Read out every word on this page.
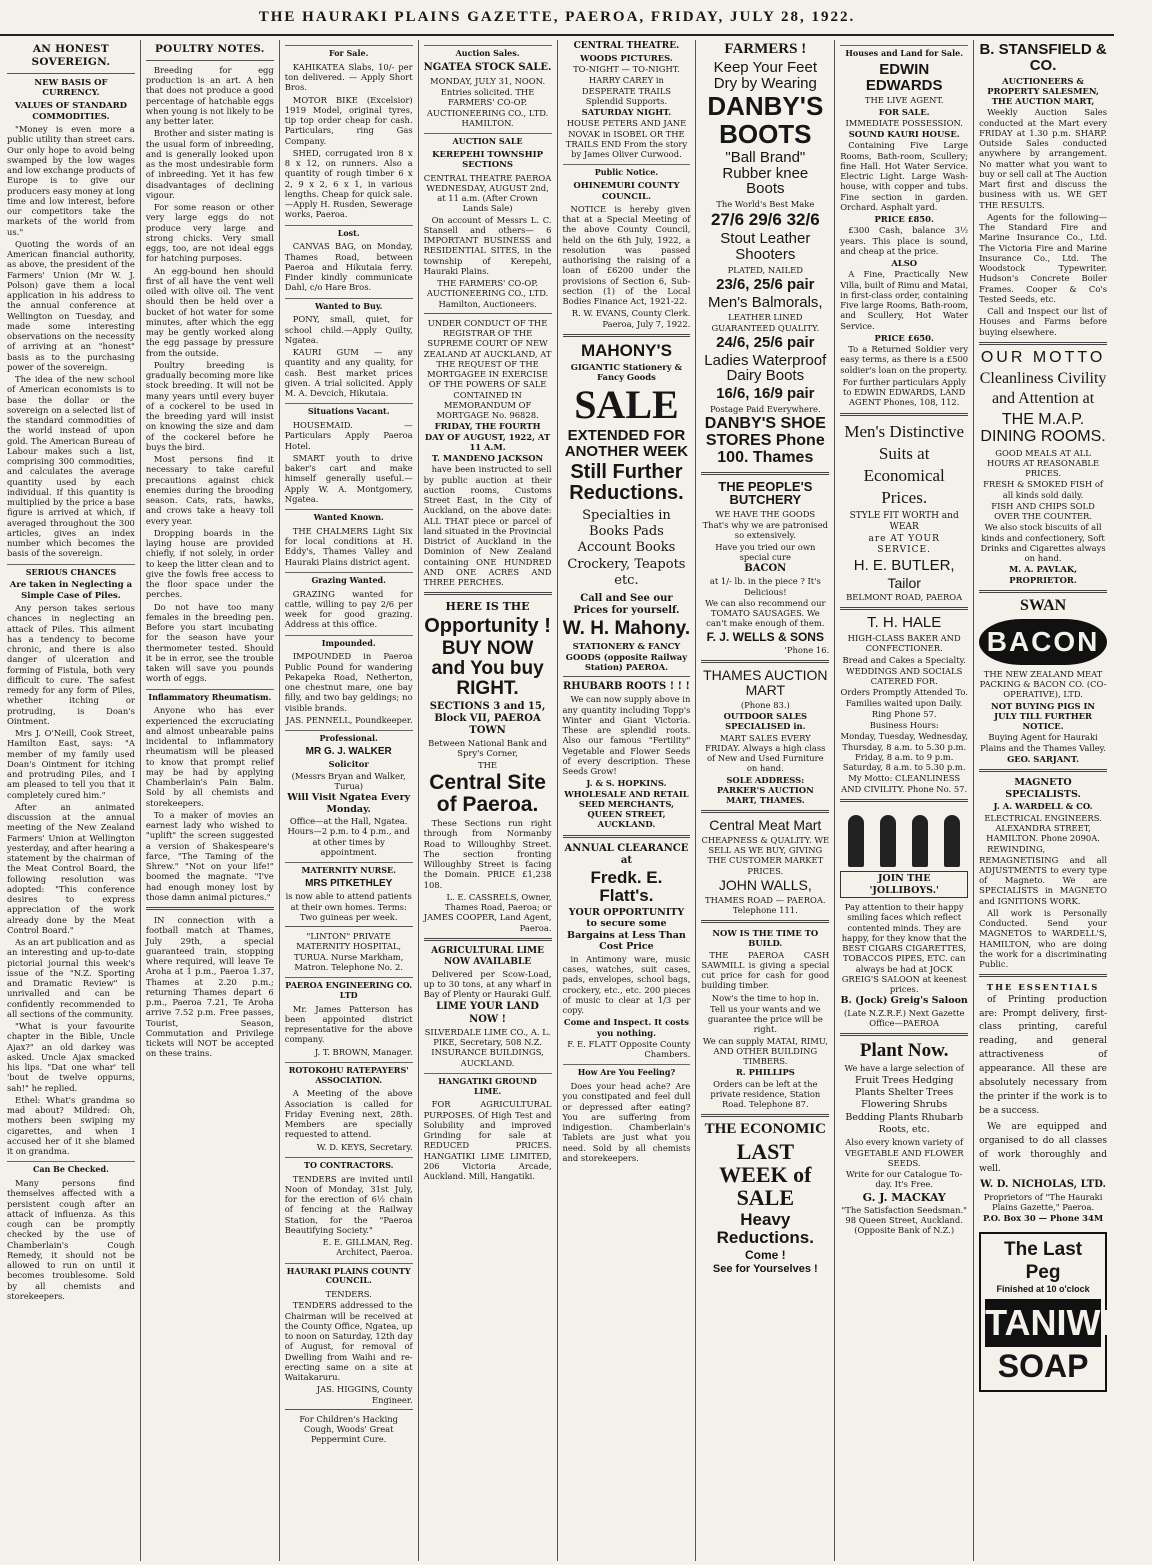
THE HAURAKI PLAINS GAZETTE, PAEROA, FRIDAY, JULY 28, 1922.
AN HONEST SOVEREIGN.
NEW BASIS OF CURRENCY.
VALUES OF STANDARD COMMODITIES.

"Money is even more a public utility than street cars. Our only hope to avoid being swamped by the low wages and low exchange products of Europe is to give our producers easy money at long time and low interest, before our competitors take the markets of the world from us."

Quoting the words of an American financial authority, as above, the president of the Farmers' Union (Mr W. J. Polson) gave them a local application in his address to the annual conference at Wellington on Tuesday, and made some interesting observations on the necessity of arriving at an "honest" basis as to the purchasing power of the sovereign.

The idea of the new school of American economists is to base the dollar or the sovereign on a selected list of the standard commodities of the world instead of upon gold. The American Bureau of Labour makes such a list, comprising 300 commodities, and calculates the average quantity used by each individual. If this quantity is multiplied by the price a base figure is arrived at which, if averaged throughout the 300 articles, gives an index number which becomes the basis of the sovereign.

SERIOUS CHANCES
Are taken in Neglecting a Simple Case of Piles.

Any person takes serious chances in neglecting an attack of Piles. This ailment has a tendency to become chronic, and there is also danger of ulceration and forming of Fistula, both very difficult to cure. The safest remedy for any form of Piles, whether itching or protruding, is Doan's Ointment.

Mrs J. O'Neill, Cook Street, Hamilton East, says: "A member of my family used Doan's Ointment for itching and protruding Piles, and I am pleased to tell you that it completely cured him."

After an animated discussion at the annual meeting of the New Zealand Farmers' Union at Wellington yesterday, and after hearing a statement by the chairman of the Meat Control Board, the following resolution was adopted: "This conference desires to express appreciation of the work already done by the Meat Control Board."

As an art publication and as an interesting and up-to-date pictorial journal this week's issue of the "N.Z. Sporting and Dramatic Review" is unrivalled and can be confidently recommended to all sections of the community.

"What is your favourite chapter in the Bible, Uncle Ajax?" an old darkey was asked. Uncle Ajax smacked his lips. "Dat one whar' tell 'bout de twelve oppurns, sah!" he replied.

Ethel: What's grandma so mad about? Mildred: Oh, mothers been swiping my cigarettes, and when I accused her of it she blamed it on grandma.

Can Be Checked.

Many persons find themselves affected with a persistent cough after an attack of influenza. As this cough can be promptly checked by the use of Chamberlain's Cough Remedy, it should not be allowed to run on until it becomes troublesome. Sold by all chemists and storekeepers.

POULTRY NOTES.

Breeding for egg production is an art. A hen that does not produce a good percentage of hatchable eggs when young is not likely to be any better later.

Brother and sister mating is the usual form of inbreeding, and is generally looked upon as the most undesirable form of inbreeding. Yet it has few disadvantages of declining vigour.

For some reason or other very large eggs do not produce very large and strong chicks. Very small eggs, too, are not ideal eggs for hatching purposes.

An egg-bound hen should first of all have the vent well oiled with olive oil. The vent should then be held over a bucket of hot water for some minutes, after which the egg may be gently worked along the egg passage by pressure from the outside.

Poultry breeding is gradually becoming more like stock breeding. It will not be many years until every buyer of a cockerel to be used in the breeding yard will insist on knowing the size and dam of the cockerel before he buys the bird.

Most persons find it necessary to take careful precautions against chick enemies during the brooding season. Cats, rats, hawks, and crows take a heavy toll every year.

Dropping boards in the laying house are provided chiefly, if not solely, in order to keep the litter clean and to give the fowls free access to the floor space under the perches.

Do not have too many females in the breeding pen. Before you start incubating for the season have your thermometer tested. Should it be in error, see the trouble taken will save you pounds worth of eggs.

Inflammatory Rheumatism.

Anyone who has ever experienced the excruciating and almost unbearable pains incidental to inflammatory rheumatism will be pleased to know that prompt relief may be had by applying Chamberlain's Pain Balm. Sold by all chemists and storekeepers.

To a maker of movies an earnest lady who wished to "uplift" the screen suggested a version of Shakespeare's farce, "The Taming of the Shrew." "Not on your life!" boomed the magnate. "I've had enough money lost by those damn animal pictures."

IN connection with a football match at Thames, July 29th, a special guaranteed train, stopping where required, will leave Te Aroha at 1 p.m., Paeroa 1.37, Thames at 2.20 p.m.; returning Thames depart 6 p.m., Paeroa 7.21, Te Aroha arrive 7.52 p.m. Free passes, Tourist, Season, Commutation and Privilege tickets will NOT be accepted on these trains.

For Sale.

KAHIKATEA Slabs, 10/- per ton delivered. — Apply Short Bros.

MOTOR BIKE (Excelsior) 1919 Model, original tyres, tip top order cheap for cash. Particulars, ring Gas Company.

SHED, corrugated iron 8 x 8 x 12, on runners. Also a quantity of rough timber 6 x 2, 9 x 2, 6 x 1, in various lengths. Cheap for quick sale.—Apply H. Rusden, Sewerage works, Paeroa.

Lost.

CANVAS BAG, on Monday, Thames Road, between Paeroa and Hikutaia ferry. Finder kindly communicate Dahl, c/o Hare Bros.

Wanted to Buy.

PONY, small, quiet, for school child.—Apply Quilty, Ngatea.

KAURI GUM — any quantity and any quality, for cash. Best market prices given. A trial solicited. Apply M. A. Devcich, Hikutaia.

Situations Vacant.

HOUSEMAID. — Particulars Apply Paeroa Hotel.

SMART youth to drive baker's cart and make himself generally useful.—Apply W. A. Montgomery, Ngatea.

Wanted Known.

THE CHALMERS Light Six for local conditions at H. Eddy's, Thames Valley and Hauraki Plains district agent.

Grazing Wanted.

GRAZING wanted for cattle, willing to pay 2/6 per week for good grazing. Address at this office.

Impounded.

IMPOUNDED in Paeroa Public Pound for wandering Pekapeka Road, Netherton, one chestnut mare, one bay filly, and two bay geldings; no visible brands.

JAS. PENNELL, Poundkeeper.

Professional.
MR G. J. WALKER
Solicitor
(Messrs Bryan and Walker, Turua)
Will Visit Ngatea Every Monday.

Office—at the Hall, Ngatea. Hours—2 p.m. to 4 p.m., and at other times by appointment.

MATERNITY NURSE.
MRS PITKETHLEY

is now able to attend patients at their own homes. Terms: Two guineas per week.

"LINTON" PRIVATE MATERNITY HOSPITAL, TURUA. Nurse Markham, Matron. Telephone No. 2.

PAEROA ENGINEERING CO. LTD

Mr. James Patterson has been appointed district representative for the above company.

J. T. BROWN, Manager.

ROTOKOHU RATEPAYERS' ASSOCIATION.

A Meeting of the above Association is called for Friday Evening next, 28th. Members are specially requested to attend.

W. D. KEYS, Secretary.

TO CONTRACTORS.

TENDERS are invited until Noon of Monday, 31st July, for the erection of 6½ chain of fencing at the Railway Station, for the "Paeroa Beautifying Society."

E. E. GILLMAN, Reg. Architect, Paeroa.

HAURAKI PLAINS COUNTY COUNCIL.
TENDERS.

TENDERS addressed to the Chairman will be received at the County Office, Ngatea, up to noon on Saturday, 12th day of August, for removal of Dwelling from Waihi and re-erecting same on a site at Waitakaruru.

JAS. HIGGINS, County Engineer.

For Children's Hacking Cough, Woods' Great Peppermint Cure.

Auction Sales.
NGATEA STOCK SALE.
MONDAY, JULY 31, NOON.

Entries solicited. THE FARMERS' CO-OP. AUCTIONEERING CO., LTD. HAMILTON.

AUCTION SALE
KEREPEHI TOWNSHIP SECTIONS

CENTRAL THEATRE PAEROA WEDNESDAY, AUGUST 2nd, at 11 a.m. (After Crown Lands Sale)

On account of Messrs L. C. Stansell and others— 6 IMPORTANT BUSINESS and RESIDENTIAL SITES, in the township of Kerepehi, Hauraki Plains.

THE FARMERS' CO-OP. AUCTIONEERING CO., LTD. Hamilton, Auctioneers.

UNDER CONDUCT OF THE REGISTRAR OF THE SUPREME COURT OF NEW ZEALAND AT AUCKLAND, AT THE REQUEST OF THE MORTGAGEE IN EXERCISE OF THE POWERS OF SALE CONTAINED IN MEMORANDUM OF MORTGAGE No. 96828.

FRIDAY, THE FOURTH DAY OF AUGUST, 1922, AT 11 A.M.
T. MANDENO JACKSON

have been instructed to sell by public auction at their auction rooms, Customs Street East, in the City of Auckland, on the above date: ALL THAT piece or parcel of land situated in the Provincial District of Auckland in the Dominion of New Zealand containing ONE HUNDRED AND ONE ACRES AND THREE PERCHES.

HERE IS THE
Opportunity !
BUY NOW and You buy RIGHT.
SECTIONS 3 and 15, Block VII, PAEROA TOWN
Between National Bank and Spry's Corner,
THE
Central Site of Paeroa.

These Sections run right through from Normanby Road to Willoughby Street. The section fronting Willoughby Street is facing the Domain. PRICE £1,238 108.

L. E. CASSRELS, Owner, Thames Road, Paeroa; or JAMES COOPER, Land Agent, Paeroa.

AGRICULTURAL LIME NOW AVAILABLE

Delivered per Scow-Load, up to 30 tons, at any wharf in Bay of Plenty or Hauraki Gulf.

LIME YOUR LAND NOW !

SILVERDALE LIME CO., A. L. PIKE, Secretary, 508 N.Z. INSURANCE BUILDINGS, AUCKLAND.

HANGATIKI GROUND LIME.

FOR AGRICULTURAL PURPOSES. Of High Test and Solubility and improved Grinding for sale at REDUCED PRICES. HANGATIKI LIME LIMITED, 206 Victoria Arcade, Auckland. Mill, Hangatiki.

CENTRAL THEATRE.
WOODS PICTURES.
TO-NIGHT — TO-NIGHT.

HARRY CAREY in DESPERATE TRAILS Splendid Supports.

SATURDAY NIGHT.

HOUSE PETERS AND JANE NOVAK in ISOBEL OR THE TRAILS END From the story by James Oliver Curwood.

Public Notice.
OHINEMURI COUNTY COUNCIL.

NOTICE is hereby given that at a Special Meeting of the above County Council, held on the 6th July, 1922, a resolution was passed authorising the raising of a loan of £6200 under the provisions of Section 6, Sub-section (1) of the Local Bodies Finance Act, 1921-22.

R. W. EVANS, County Clerk. Paeroa, July 7, 1922.

MAHONY'S
GIGANTIC Stationery & Fancy Goods
SALE
EXTENDED FOR ANOTHER WEEK
Still Further Reductions.
Specialties in Books Pads Account Books Crockery, Teapots etc.
Call and See our Prices for yourself.
W. H. Mahony.
STATIONERY & FANCY GOODS (opposite Railway Station) PAEROA.
RHUBARB ROOTS ! ! !

We can now supply above in any quantity including Topp's Winter and Giant Victoria. These are splendid roots. Also our famous "Fertility" Vegetable and Flower Seeds of every description. These Seeds Grow!

J. & S. HOPKINS. WHOLESALE AND RETAIL SEED MERCHANTS, QUEEN STREET, AUCKLAND.

ANNUAL CLEARANCE at
Fredk. E. Flatt's.
YOUR OPPORTUNITY to secure some Bargains at Less Than Cost Price

in Antimony ware, music cases, watches, suit cases, pads, envelopes, school bags, crockery, etc., etc. 200 pieces of music to clear at 1/3 per copy.

Come and Inspect. It costs you nothing.

F. E. FLATT Opposite County Chambers.

How Are You Feeling?

Does your head ache? Are you constipated and feel dull or depressed after eating? You are suffering from indigestion. Chamberlain's Tablets are just what you need. Sold by all chemists and storekeepers.

FARMERS !
Keep Your Feet Dry by Wearing
DANBY'S BOOTS
"Ball Brand" Rubber knee Boots
The World's Best Make
27/6 29/6 32/6
Stout Leather Shooters
PLATED, NAILED
23/6, 25/6 pair
Men's Balmorals,
LEATHER LINED GUARANTEED QUALITY.
24/6, 25/6 pair
Ladies Waterproof Dairy Boots
16/6, 16/9 pair
Postage Paid Everywhere.
DANBY'S SHOE STORES Phone 100. Thames
THE PEOPLE'S BUTCHERY
WE HAVE THE GOODS
That's why we are patronised so extensively.
Have you tried our own special cure
BACON
at 1/- lb. in the piece ? It's Delicious!
We can also recommend our TOMATO SAUSAGES. We can't make enough of them.
F. J. WELLS & SONS
'Phone 16.
THAMES AUCTION MART
(Phone 83.)
OUTDOOR SALES SPECIALISED in.
MART SALES EVERY FRIDAY. Always a high class of New and Used Furniture on hand.
SOLE ADDRESS: PARKER'S AUCTION MART, THAMES.
Central Meat Mart
CHEAPNESS & QUALITY. WE SELL AS WE BUY, GIVING THE CUSTOMER MARKET PRICES.
JOHN WALLS,
THAMES ROAD — PAEROA. Telephone 111.
NOW IS THE TIME TO BUILD.

THE PAEROA CASH SAWMILL is giving a special cut price for cash for good building timber.

Now's the time to hop in.
Tell us your wants and we guarantee the price will be right.
We can supply MATAI, RIMU, AND OTHER BUILDING TIMBERS.
R. PHILLIPS
Orders can be left at the private residence, Station Road. Telephone 87.
THE ECONOMIC
LAST WEEK of SALE
Heavy Reductions.
Come !
See for Yourselves !
Houses and Land for Sale.
EDWIN EDWARDS
THE LIVE AGENT.
FOR SALE.
IMMEDIATE POSSESSION.
SOUND KAURI HOUSE.

Containing Five Large Rooms, Bath-room, Scullery; fine Hall. Hot Water Service. Electric Light. Large Wash-house, with copper and tubs. Fine section in garden. Orchard. Asphalt yard.

PRICE £850.

£300 Cash, balance 3½ years. This place is sound, and cheap at the price.

ALSO

A Fine, Practically New Villa, built of Rimu and Matai, in first-class order, containing Five large Rooms, Bath-room, and Scullery, Hot Water Service.

PRICE £650.

To a Returned Soldier very easy terms, as there is a £500 soldier's loan on the property.

For further particulars Apply to EDWIN EDWARDS, LAND AGENT Phones, 108, 112.

Men's Distinctive Suits at Economical Prices.
STYLE FIT WORTH and WEAR
are AT YOUR SERVICE.
H. E. BUTLER,
Tailor
BELMONT ROAD, PAEROA
T. H. HALE
HIGH-CLASS BAKER AND CONFECTIONER.
Bread and Cakes a Specialty.
WEDDINGS AND SOCIALS CATERED FOR.
Orders Promptly Attended To. Families waited upon Daily.
Ring Phone 57.
Business Hours:
Monday, Tuesday, Wednesday, Thursday, 8 a.m. to 5.30 p.m. Friday, 8 a.m. to 9 p.m. Saturday, 8 a.m. to 5.30 p.m.
My Motto: CLEANLINESS AND CIVILITY. Phone No. 57.
JOIN THE 'JOLLIBOYS.'

Pay attention to their happy smiling faces which reflect contented minds. They are happy, for they know that the BEST CIGARS CIGARETTES, TOBACCOS PIPES, ETC. can always be had at JOCK GREIG'S SALOON at keenest prices.

B. (Jock) Greig's Saloon
(Late N.Z.R.F.) Next Gazette Office—PAEROA
Plant Now.
We have a large selection of
Fruit Trees Hedging Plants Shelter Trees Flowering Shrubs Bedding Plants Rhubarb Roots, etc.
Also every known variety of VEGETABLE AND FLOWER SEEDS.
Write for our Catalogue To-day. It's Free.
G. J. MACKAY
"The Satisfaction Seedsman." 98 Queen Street, Auckland. (Opposite Bank of N.Z.)
B. STANSFIELD & CO.
AUCTIONEERS & PROPERTY SALESMEN, THE AUCTION MART,

Weekly Auction Sales conducted at the Mart every FRIDAY at 1.30 p.m. SHARP. Outside Sales conducted anywhere by arrangement. No matter what you want to buy or sell call at The Auction Mart first and discuss the business with us. WE GET THE RESULTS.

Agents for the following— The Standard Fire and Marine Insurance Co., Ltd. The Victoria Fire and Marine Insurance Co., Ltd. The Woodstock Typewriter. Hudson's Concrete Boiler Frames. Cooper & Co's Tested Seeds, etc.

Call and Inspect our list of Houses and Farms before buying elsewhere.

OUR MOTTO
Cleanliness Civility and Attention at
THE M.A.P. DINING ROOMS.
GOOD MEALS AT ALL HOURS AT REASONABLE PRICES.
FRESH & SMOKED FISH of all kinds sold daily.
FISH AND CHIPS SOLD OVER THE COUNTER.
We also stock biscuits of all kinds and confectionery, Soft Drinks and Cigarettes always on hand.
M. A. PAVLAK, PROPRIETOR.
SWAN
BACON
THE NEW ZEALAND MEAT PACKING & BACON CO. (CO-OPERATIVE), LTD.
NOT BUYING PIGS IN JULY TILL FURTHER NOTICE.
Buying Agent for Hauraki Plains and the Thames Valley.
GEO. SARJANT.
MAGNETO SPECIALISTS.
J. A. WARDELL & CO.
ELECTRICAL ENGINEERS. ALEXANDRA STREET, HAMILTON. Phone 2090A.

REWINDING, REMAGNETISING and all ADJUSTMENTS to every type of Magneto. We are SPECIALISTS in MAGNETO and IGNITIONS WORK.

All work is Personally Conducted. Send your MAGNETOS to WARDELL'S, HAMILTON, who are doing the work for a discriminating Public.

THE ESSENTIALS

of Printing production are: Prompt delivery, first-class printing, careful reading, and general attractiveness of appearance. All these are absolutely necessary from the printer if the work is to be a success.

We are equipped and organised to do all classes of work thoroughly and well.

W. D. NICHOLAS, LTD.
Proprietors of "The Hauraki Plains Gazette," Paeroa.
P.O. Box 30 — Phone 34M
The Last Peg
Finished at 10 o'clock
TANIWHA
SOAP
